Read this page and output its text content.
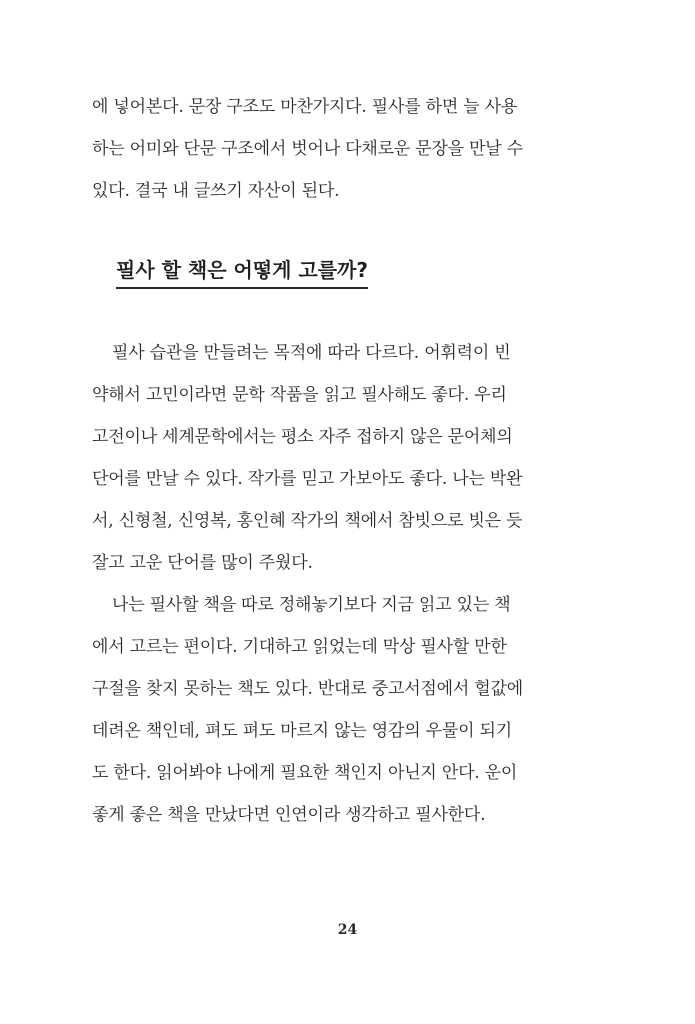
에 넣어본다. 문장 구조도 마찬가지다. 필사를 하면 늘 사용
하는 어미와 단문 구조에서 벗어나 다채로운 문장을 만날 수
있다. 결국 내 글쓰기 자산이 된다.
필사 할 책은 어떻게 고를까?
필사 습관을 만들려는 목적에 따라 다르다. 어휘력이 빈
약해서 고민이라면 문학 작품을 읽고 필사해도 좋다. 우리
고전이나 세계문학에서는 평소 자주 접하지 않은 문어체의
단어를 만날 수 있다. 작가를 믿고 가보아도 좋다. 나는 박완
서, 신형철, 신영복, 홍인혜 작가의 책에서 참빗으로 빗은 듯
잘고 고운 단어를 많이 주웠다.
나는 필사할 책을 따로 정해놓기보다 지금 읽고 있는 책
에서 고르는 편이다. 기대하고 읽었는데 막상 필사할 만한
구절을 찾지 못하는 책도 있다. 반대로 중고서점에서 헐값에
데려온 책인데, 펴도 펴도 마르지 않는 영감의 우물이 되기
도 한다. 읽어봐야 나에게 필요한 책인지 아닌지 안다. 운이
좋게 좋은 책을 만났다면 인연이라 생각하고 필사한다.
24
